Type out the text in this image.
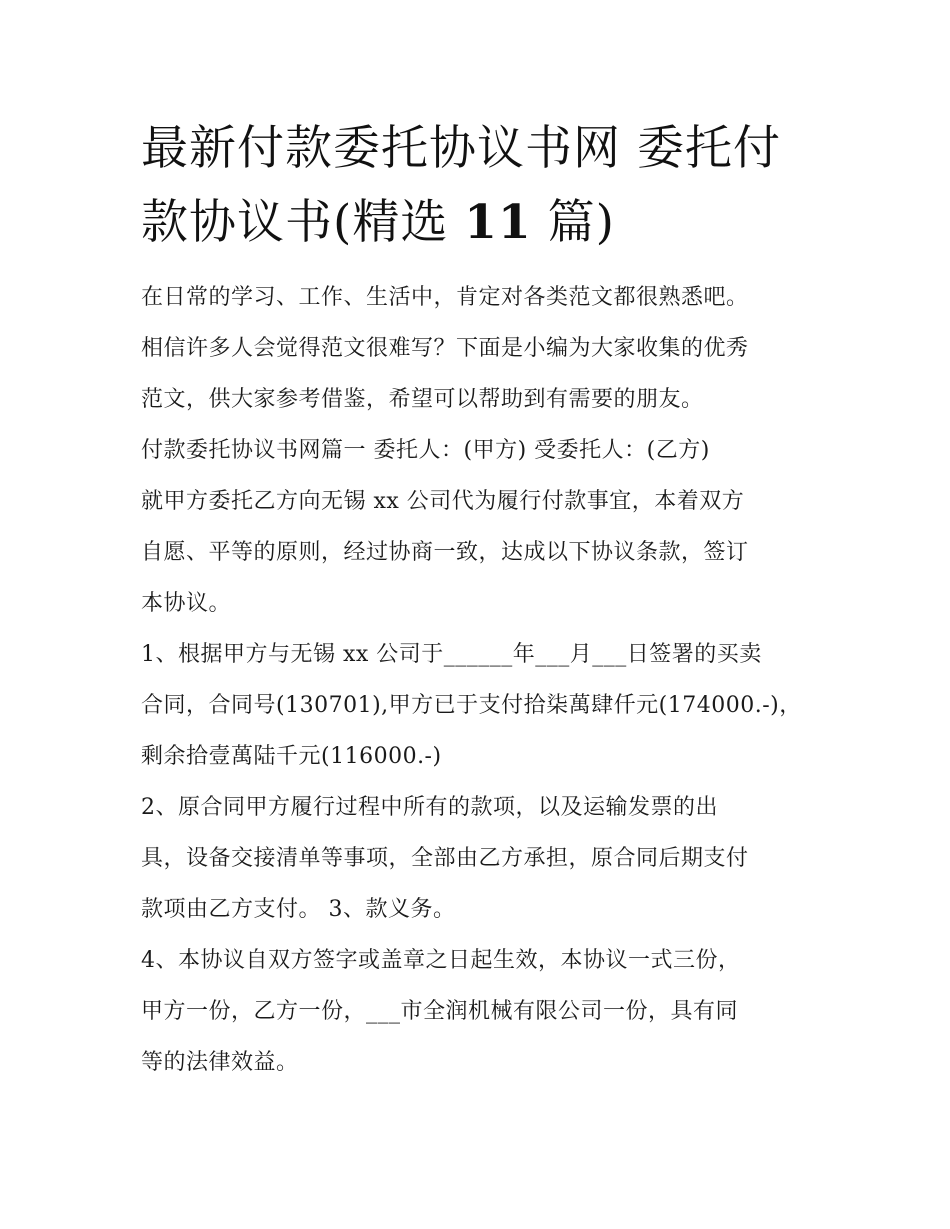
最新付款委托协议书网 委托付
款协议书(精选 11 篇)

在日常的学习、工作、生活中，肯定对各类范文都很熟悉吧。
相信许多人会觉得范文很难写？下面是小编为大家收集的优秀
范文，供大家参考借鉴，希望可以帮助到有需要的朋友。

付款委托协议书网篇一 委托人：(甲方) 受委托人：(乙方)
就甲方委托乙方向无锡 xx 公司代为履行付款事宜，本着双方
自愿、平等的原则，经过协商一致，达成以下协议条款，签订
本协议。

1、根据甲方与无锡 xx 公司于______年___月___日签署的买卖
合同，合同号(130701),甲方已于支付拾柒萬肆仟元(174000.-)，
剩余拾壹萬陆千元(116000.-)

2、原合同甲方履行过程中所有的款项，以及运输发票的出
具，设备交接清单等事项，全部由乙方承担，原合同后期支付
款项由乙方支付。 3、款义务。

4、本协议自双方签字或盖章之日起生效，本协议一式三份，
甲方一份，乙方一份，___市全润机械有限公司一份，具有同
等的法律效益。
